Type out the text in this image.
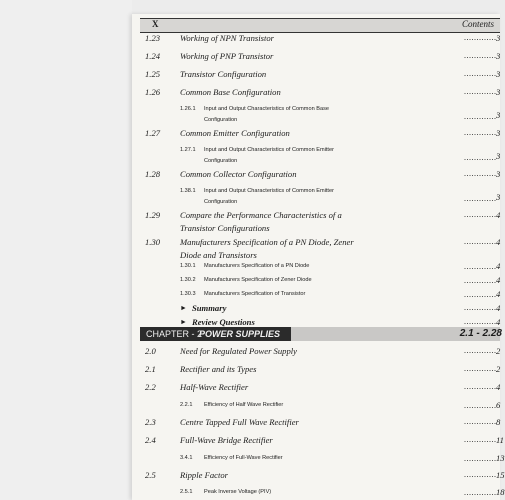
X	Contents
1.23 Working of NPN Transistor	............. 3
1.24 Working of PNP Transistor	............. 3
1.25 Transistor Configuration	............. 3
1.26 Common Base Configuration	............. 3
1.26.1 Input and Output Characteristics of Common Base
Configuration	............. 3
1.27 Common Emitter Configuration	............. 3
1.27.1 Input and Output Characteristics of Common Emitter
Configuration	............. 3
1.28 Common Collector Configuration	............. 3
1.38.1 Input and Output Characteristics of Common Emitter
Configuration	............. 3
1.29 Compare the Performance Characteristics of a
Transistor Configurations
............. 4
1.30 Manufacturers Specification of a PN Diode, Zener
Diode and Transistors
............. 4
1.30.1 Manufacturers Specification of a PN Diode	............. 4
1.30.2 Manufacturers Specification of Zener Diode	............. 4
1.30.3 Manufacturers Specification of Transistor	............. 4
► Summary	............. 4
► Review Questions	............. 4
CHAPTER - 2
POWER SUPPLIES	2.1 - 2.28
2.0	Need for Regulated Power Supply	............. 2
2.1	Rectifier and its Types	............. 2
2.2	Half-Wave Rectifier	............. 4
2.2.1 Efficiency of Half Wave Rectifier	............. 6
2.3	Centre Tapped Full Wave Rectifier	............. 8
2.4	Full-Wave Bridge Rectifier	............. 11
3.4.1 Efficiency of Full-Wave Rectifier	............. 13
2.5	Ripple Factor	............. 15
2.5.1 Peak Inverse Voltage (PIV)	............. 18
